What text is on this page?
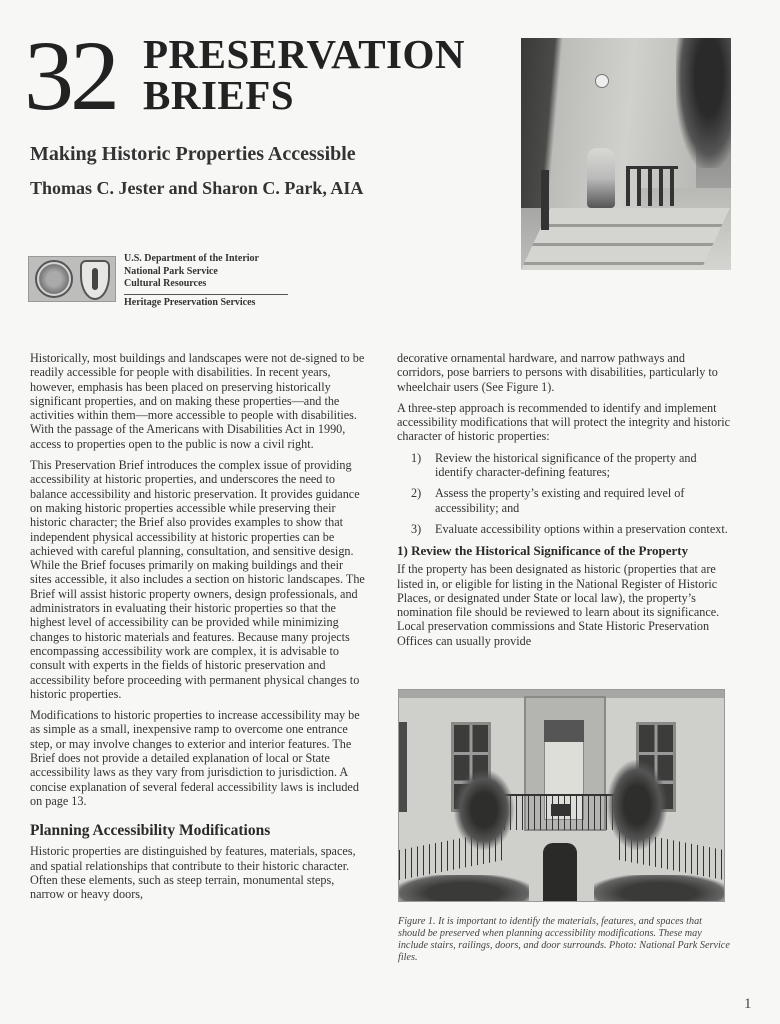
32 PRESERVATION
BRIEFS
Making Historic Properties Accessible
Thomas C. Jester and Sharon C. Park, AIA
U.S. Department of the Interior
National Park Service
Cultural Resources
Heritage Preservation Services

Historically, most buildings and landscapes were not de-signed to be readily accessible for people with disabilities. In recent years, however, emphasis has been placed on preserving historically significant properties, and on making these properties—and the activities within them—more accessible to people with disabilities. With the passage of the Americans with Disabilities Act in 1990, access to properties open to the public is now a civil right.

This Preservation Brief introduces the complex issue of providing accessibility at historic properties, and underscores the need to balance accessibility and historic preservation. It provides guidance on making historic properties accessible while preserving their historic character; the Brief also provides examples to show that independent physical accessibility at historic properties can be achieved with careful planning, consultation, and sensitive design. While the Brief focuses primarily on making buildings and their sites accessible, it also includes a section on historic landscapes. The Brief will assist historic property owners, design professionals, and administrators in evaluating their historic properties so that the highest level of accessibility can be provided while minimizing changes to historic materials and features. Because many projects encompassing accessibility work are complex, it is advisable to consult with experts in the fields of historic preservation and accessibility before proceeding with permanent physical changes to historic properties.

Modifications to historic properties to increase accessibility may be as simple as a small, inexpensive ramp to overcome one entrance step, or may involve changes to exterior and interior features. The Brief does not provide a detailed explanation of local or State accessibility laws as they vary from jurisdiction to jurisdiction. A concise explanation of several federal accessibility laws is included on page 13.

Planning Accessibility Modifications

Historic properties are distinguished by features, materials, spaces, and spatial relationships that contribute to their historic character. Often these elements, such as steep terrain, monumental steps, narrow or heavy doors,

decorative ornamental hardware, and narrow pathways and corridors, pose barriers to persons with disabilities, particularly to wheelchair users (See Figure 1).

A three-step approach is recommended to identify and implement accessibility modifications that will protect the integrity and historic character of historic properties:

1)	Review the historical significance of the property and identify character-defining features;
2)	Assess the property’s existing and required level of accessibility; and
3)	Evaluate accessibility options within a preservation context.
1) Review the Historical Significance of the Property

If the property has been designated as historic (properties that are listed in, or eligible for listing in the National Register of Historic Places, or designated under State or local law), the property’s nomination file should be reviewed to learn about its significance. Local preservation commissions and State Historic Preservation Offices can usually provide

Figure 1. It is important to identify the materials, features, and spaces that should be preserved when planning accessibility modifications. These may include stairs, railings, doors, and door surrounds. Photo: National Park Service files.
1
